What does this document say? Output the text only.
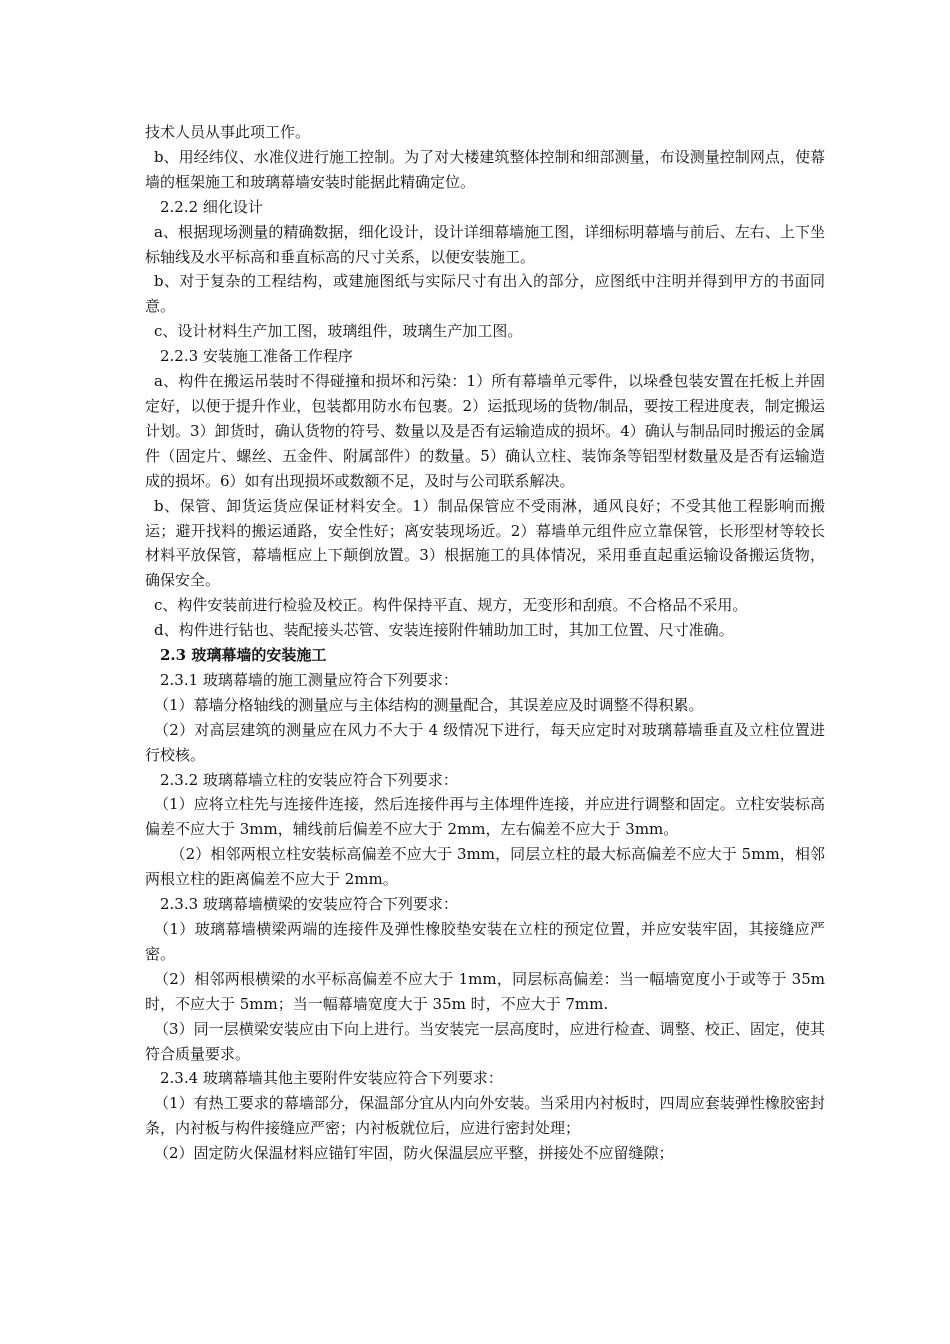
技术人员从事此项工作。

b、用经纬仪、水准仪进行施工控制。为了对大楼建筑整体控制和细部测量，布设测量控制网点，使幕墙的框架施工和玻璃幕墙安装时能据此精确定位。

2.2.2 细化设计

a、根据现场测量的精确数据，细化设计，设计详细幕墙施工图，详细标明幕墙与前后、左右、上下坐标轴线及水平标高和垂直标高的尺寸关系，以便安装施工。

b、对于复杂的工程结构，或建施图纸与实际尺寸有出入的部分，应图纸中注明并得到甲方的书面同意。

c、设计材料生产加工图，玻璃组件，玻璃生产加工图。

2.2.3 安装施工准备工作程序

a、构件在搬运吊装时不得碰撞和损坏和污染：1）所有幕墙单元零件，以垛叠包装安置在托板上并固定好，以便于提升作业，包装都用防水布包裹。2）运抵现场的货物/制品，要按工程进度表，制定搬运计划。3）卸货时，确认货物的符号、数量以及是否有运输造成的损坏。4）确认与制品同时搬运的金属件（固定片、螺丝、五金件、附属部件）的数量。5）确认立柱、装饰条等铝型材数量及是否有运输造成的损坏。6）如有出现损坏或数额不足，及时与公司联系解决。

b、保管、卸货运货应保证材料安全。1）制品保管应不受雨淋，通风良好；不受其他工程影响而搬运；避开找料的搬运通路，安全性好；离安装现场近。2）幕墙单元组件应立靠保管，长形型材等较长材料平放保管，幕墙框应上下颠倒放置。3）根据施工的具体情况，采用垂直起重运输设备搬运货物，确保安全。

c、构件安装前进行检验及校正。构件保持平直、规方，无变形和刮痕。不合格品不采用。

d、构件进行钻也、装配接头芯管、安装连接附件辅助加工时，其加工位置、尺寸准确。

2.3 玻璃幕墙的安装施工

2.3.1 玻璃幕墙的施工测量应符合下列要求：

（1）幕墙分格轴线的测量应与主体结构的测量配合，其误差应及时调整不得积累。

（2）对高层建筑的测量应在风力不大于 4 级情况下进行，每天应定时对玻璃幕墙垂直及立柱位置进行校核。

2.3.2 玻璃幕墙立柱的安装应符合下列要求：

（1）应将立柱先与连接件连接，然后连接件再与主体埋件连接，并应进行调整和固定。立柱安装标高偏差不应大于 3mm，辅线前后偏差不应大于 2mm，左右偏差不应大于 3mm。

（2）相邻两根立柱安装标高偏差不应大于 3mm，同层立柱的最大标高偏差不应大于 5mm，相邻两根立柱的距离偏差不应大于 2mm。

2.3.3 玻璃幕墙横梁的安装应符合下列要求：

（1）玻璃幕墙横梁两端的连接件及弹性橡胶垫安装在立柱的预定位置，并应安装牢固，其接缝应严密。

（2）相邻两根横梁的水平标高偏差不应大于 1mm，同层标高偏差：当一幅墙宽度小于或等于 35m 时，不应大于 5mm；当一幅幕墙宽度大于 35m 时，不应大于 7mm.

（3）同一层横梁安装应由下向上进行。当安装完一层高度时，应进行检查、调整、校正、固定，使其符合质量要求。

2.3.4 玻璃幕墙其他主要附件安装应符合下列要求：

（1）有热工要求的幕墙部分，保温部分宜从内向外安装。当采用内衬板时，四周应套装弹性橡胶密封条，内衬板与构件接缝应严密；内衬板就位后，应进行密封处理；

（2）固定防火保温材料应锚钉牢固，防火保温层应平整，拼接处不应留缝隙；
